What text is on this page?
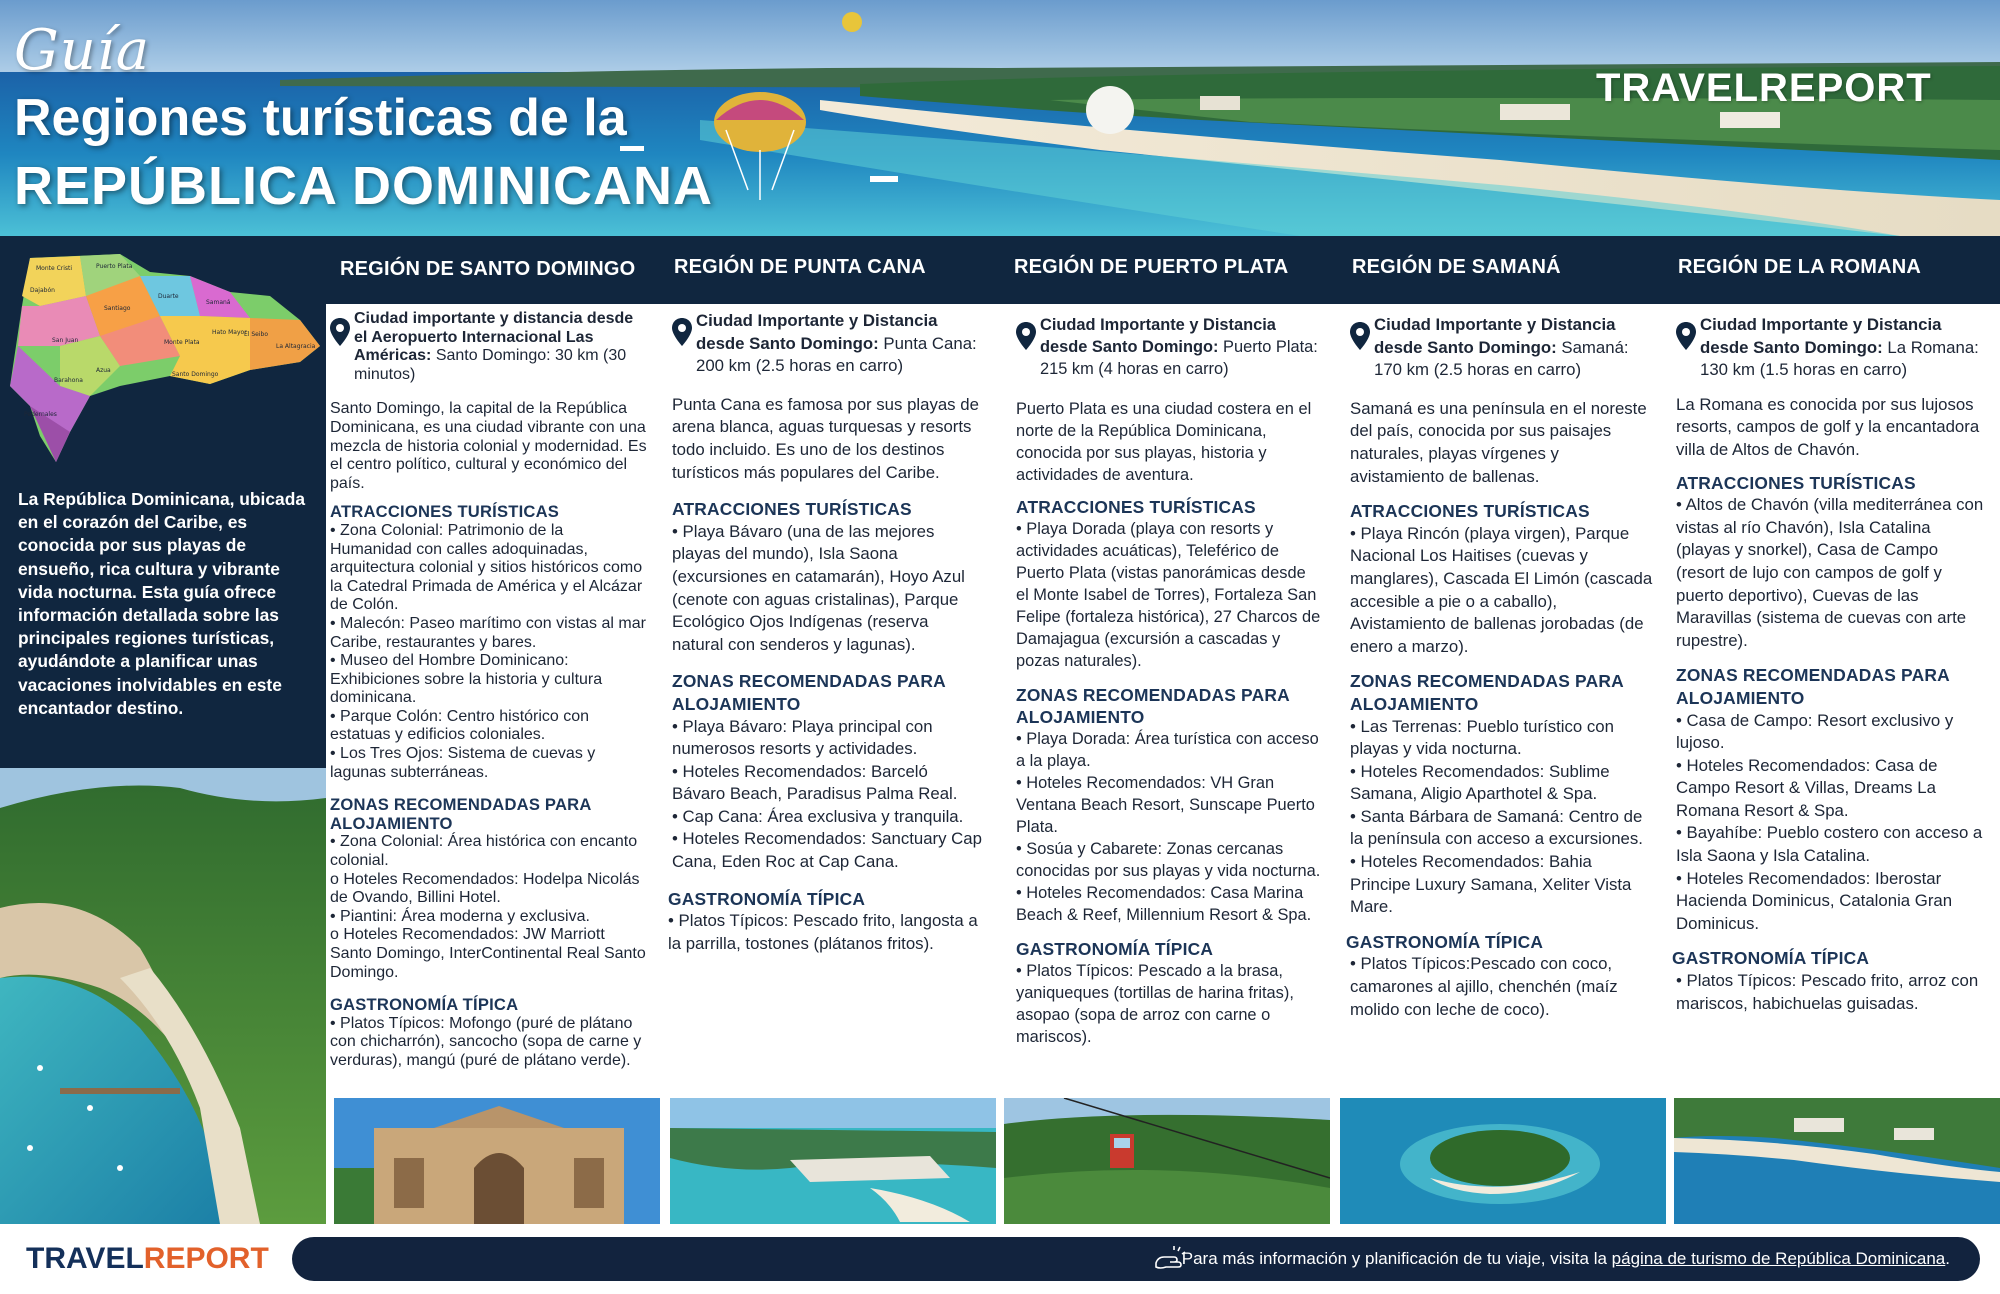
Guía
Regiones turísticas de la
REPÚBLICA DOMINICANA
TRAVELREPORT
Monte Cristi	Puerto Plata
Dajabón
Santiago
Duarte
Samaná
San Juan
Azua
Santo Domingo
La Altagracia
El Seibo
Barahona
Pedernales
Monte Plata
Hato Mayor
La República Dominicana, ubicada en el corazón del Caribe, es conocida por sus playas de ensueño, rica cultura y vibrante vida nocturna. Esta guía ofrece información detallada sobre las principales regiones turísticas, ayudándote a planificar unas vacaciones inolvidables en este encantador destino.
REGIÓN DE SANTO DOMINGO REGIÓN DE PUNTA CANA	REGIÓN DE PUERTO PLATA	REGIÓN DE SAMANÁ	REGIÓN DE LA ROMANA
Ciudad importante y distancia desde el Aeropuerto Internacional Las Américas: Santo Domingo: 30 km (30 minutos)
Santo Domingo, la capital de la República Dominicana, es una ciudad vibrante con una mezcla de historia colonial y modernidad. Es el centro político, cultural y económico del país.
ATRACCIONES TURÍSTICAS
• Zona Colonial: Patrimonio de la Humanidad con calles adoquinadas, arquitectura colonial y sitios históricos como la Catedral Primada de América y el Alcázar de Colón.
• Malecón: Paseo marítimo con vistas al mar Caribe, restaurantes y bares.
• Museo del Hombre Dominicano: Exhibiciones sobre la historia y cultura dominicana.
• Parque Colón: Centro histórico con estatuas y edificios coloniales.
• Los Tres Ojos: Sistema de cuevas y lagunas subterráneas.
ZONAS RECOMENDADAS PARA ALOJAMIENTO
• Zona Colonial: Área histórica con encanto colonial.
o Hoteles Recomendados: Hodelpa Nicolás de Ovando, Billini Hotel.
• Piantini: Área moderna y exclusiva.
o Hoteles Recomendados: JW Marriott Santo Domingo, InterContinental Real Santo Domingo.
GASTRONOMÍA TÍPICA
• Platos Típicos: Mofongo (puré de plátano con chicharrón), sancocho (sopa de carne y verduras), mangú (puré de plátano verde).
Ciudad Importante y Distancia desde Santo Domingo: Punta Cana: 200 km (2.5 horas en carro)
Punta Cana es famosa por sus playas de arena blanca, aguas turquesas y resorts todo incluido. Es uno de los destinos turísticos más populares del Caribe.
ATRACCIONES TURÍSTICAS
• Playa Bávaro (una de las mejores playas del mundo), Isla Saona (excursiones en catamarán), Hoyo Azul (cenote con aguas cristalinas), Parque Ecológico Ojos Indígenas (reserva natural con senderos y lagunas).
ZONAS RECOMENDADAS PARA ALOJAMIENTO
• Playa Bávaro: Playa principal con numerosos resorts y actividades.
• Hoteles Recomendados: Barceló Bávaro Beach, Paradisus Palma Real.
• Cap Cana: Área exclusiva y tranquila.
• Hoteles Recomendados: Sanctuary Cap Cana, Eden Roc at Cap Cana.
GASTRONOMÍA TÍPICA
• Platos Típicos: Pescado frito, langosta a la parrilla, tostones (plátanos fritos).
Ciudad Importante y Distancia desde Santo Domingo: Puerto Plata: 215 km (4 horas en carro)
Puerto Plata es una ciudad costera en el norte de la República Dominicana, conocida por sus playas, historia y actividades de aventura.
ATRACCIONES TURÍSTICAS
• Playa Dorada (playa con resorts y actividades acuáticas), Teleférico de Puerto Plata (vistas panorámicas desde el Monte Isabel de Torres), Fortaleza San Felipe (fortaleza histórica), 27 Charcos de Damajagua (excursión a cascadas y pozas naturales).
ZONAS RECOMENDADAS PARA ALOJAMIENTO
• Playa Dorada: Área turística con acceso a la playa.
• Hoteles Recomendados: VH Gran Ventana Beach Resort, Sunscape Puerto Plata.
• Sosúa y Cabarete: Zonas cercanas conocidas por sus playas y vida nocturna.
• Hoteles Recomendados: Casa Marina Beach & Reef, Millennium Resort & Spa.
GASTRONOMÍA TÍPICA
• Platos Típicos: Pescado a la brasa, yaniqueques (tortillas de harina fritas), asopao (sopa de arroz con carne o mariscos).
Ciudad Importante y Distancia desde Santo Domingo: Samaná: 170 km (2.5 horas en carro)
Samaná es una península en el noreste del país, conocida por sus paisajes naturales, playas vírgenes y avistamiento de ballenas.
ATRACCIONES TURÍSTICAS
• Playa Rincón (playa virgen), Parque Nacional Los Haitises (cuevas y manglares), Cascada El Limón (cascada accesible a pie o a caballo), Avistamiento de ballenas jorobadas (de enero a marzo).
ZONAS RECOMENDADAS PARA ALOJAMIENTO
• Las Terrenas: Pueblo turístico con playas y vida nocturna.
• Hoteles Recomendados: Sublime Samana, Aligio Aparthotel & Spa.
• Santa Bárbara de Samaná: Centro de la península con acceso a excursiones.
• Hoteles Recomendados: Bahia Principe Luxury Samana, Xeliter Vista Mare.
GASTRONOMÍA TÍPICA
• Platos Típicos:Pescado con coco, camarones al ajillo, chenchén (maíz molido con leche de coco).
Ciudad Importante y Distancia desde Santo Domingo: La Romana: 130 km (1.5 horas en carro)
La Romana es conocida por sus lujosos resorts, campos de golf y la encantadora villa de Altos de Chavón.
ATRACCIONES TURÍSTICAS
• Altos de Chavón (villa mediterránea con vistas al río Chavón), Isla Catalina (playas y snorkel), Casa de Campo (resort de lujo con campos de golf y puerto deportivo), Cuevas de las Maravillas (sistema de cuevas con arte rupestre).
ZONAS RECOMENDADAS PARA ALOJAMIENTO
• Casa de Campo: Resort exclusivo y lujoso.
• Hoteles Recomendados: Casa de Campo Resort & Villas, Dreams La Romana Resort & Spa.
• Bayahíbe: Pueblo costero con acceso a Isla Saona y Isla Catalina.
• Hoteles Recomendados: Iberostar Hacienda Dominicus, Catalonia Gran Dominicus.
GASTRONOMÍA TÍPICA
• Platos Típicos: Pescado frito, arroz con mariscos, habichuelas guisadas.
TRAVELREPORT	Para más información y planificación de tu viaje, visita la página de turismo de República Dominicana.
